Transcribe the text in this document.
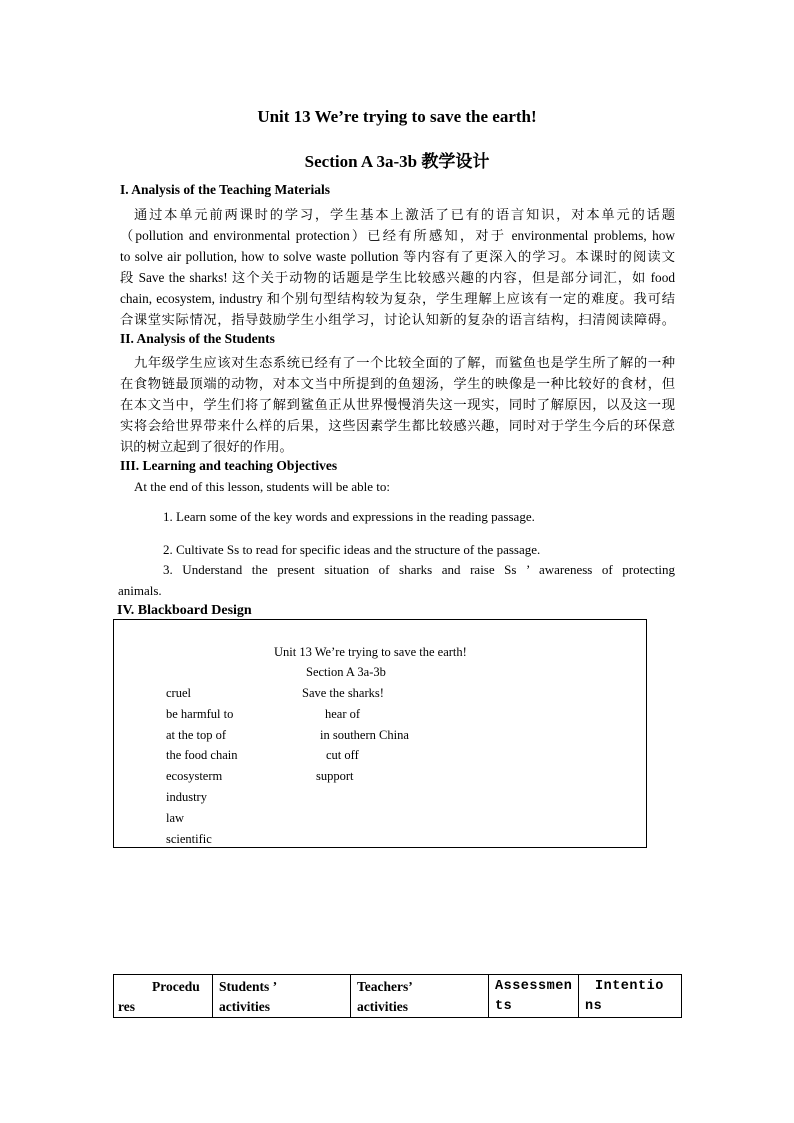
Unit 13 We’re trying to save the earth!
Section A 3a-3b 教学设计
I. Analysis of the Teaching Materials
通过本单元前两课时的学习，学生基本上激活了已有的语言知识，对本单元的话题
（pollution and environmental protection）已经有所感知，对于 environmental problems, how
to solve air pollution, how to solve waste pollution 等内容有了更深入的学习。本课时的阅读文
段 Save the sharks! 这个关于动物的话题是学生比较感兴趣的内容，但是部分词汇，如 food
chain, ecosystem, industry 和个别句型结构较为复杂，学生理解上应该有一定的难度。我可结
合课堂实际情况，指导鼓励学生小组学习，讨论认知新的复杂的语言结构，扫清阅读障碍。
II. Analysis of the Students
九年级学生应该对生态系统已经有了一个比较全面的了解，而鲨鱼也是学生所了解的一种
在食物链最顶端的动物，对本文当中所提到的鱼翅汤，学生的映像是一种比较好的食材，但
在本文当中，学生们将了解到鲨鱼正从世界慢慢消失这一现实，同时了解原因，以及这一现
实将会给世界带来什么样的后果，这些因素学生都比较感兴趣，同时对于学生今后的环保意
识的树立起到了很好的作用。
III. Learning and teaching Objectives
At the end of this lesson, students will be able to:
1. Learn some of the key words and expressions in the reading passage.
2. Cultivate Ss to read for specific ideas and the structure of the passage.
3. Understand the present situation of sharks and raise Ss ’ awareness of protecting
animals.
IV. Blackboard Design
Unit 13 We’re trying to save the earth!
Section A 3a-3b
Save the sharks!
cruel
be harmful to
at the top of
the food chain
ecosysterm
industry
law
scientific
hear of
in southern China
cut off
support
Procedu
res

Students ’
activities

Teachers’
activities

Assessmen
ts

Intentio
ns
